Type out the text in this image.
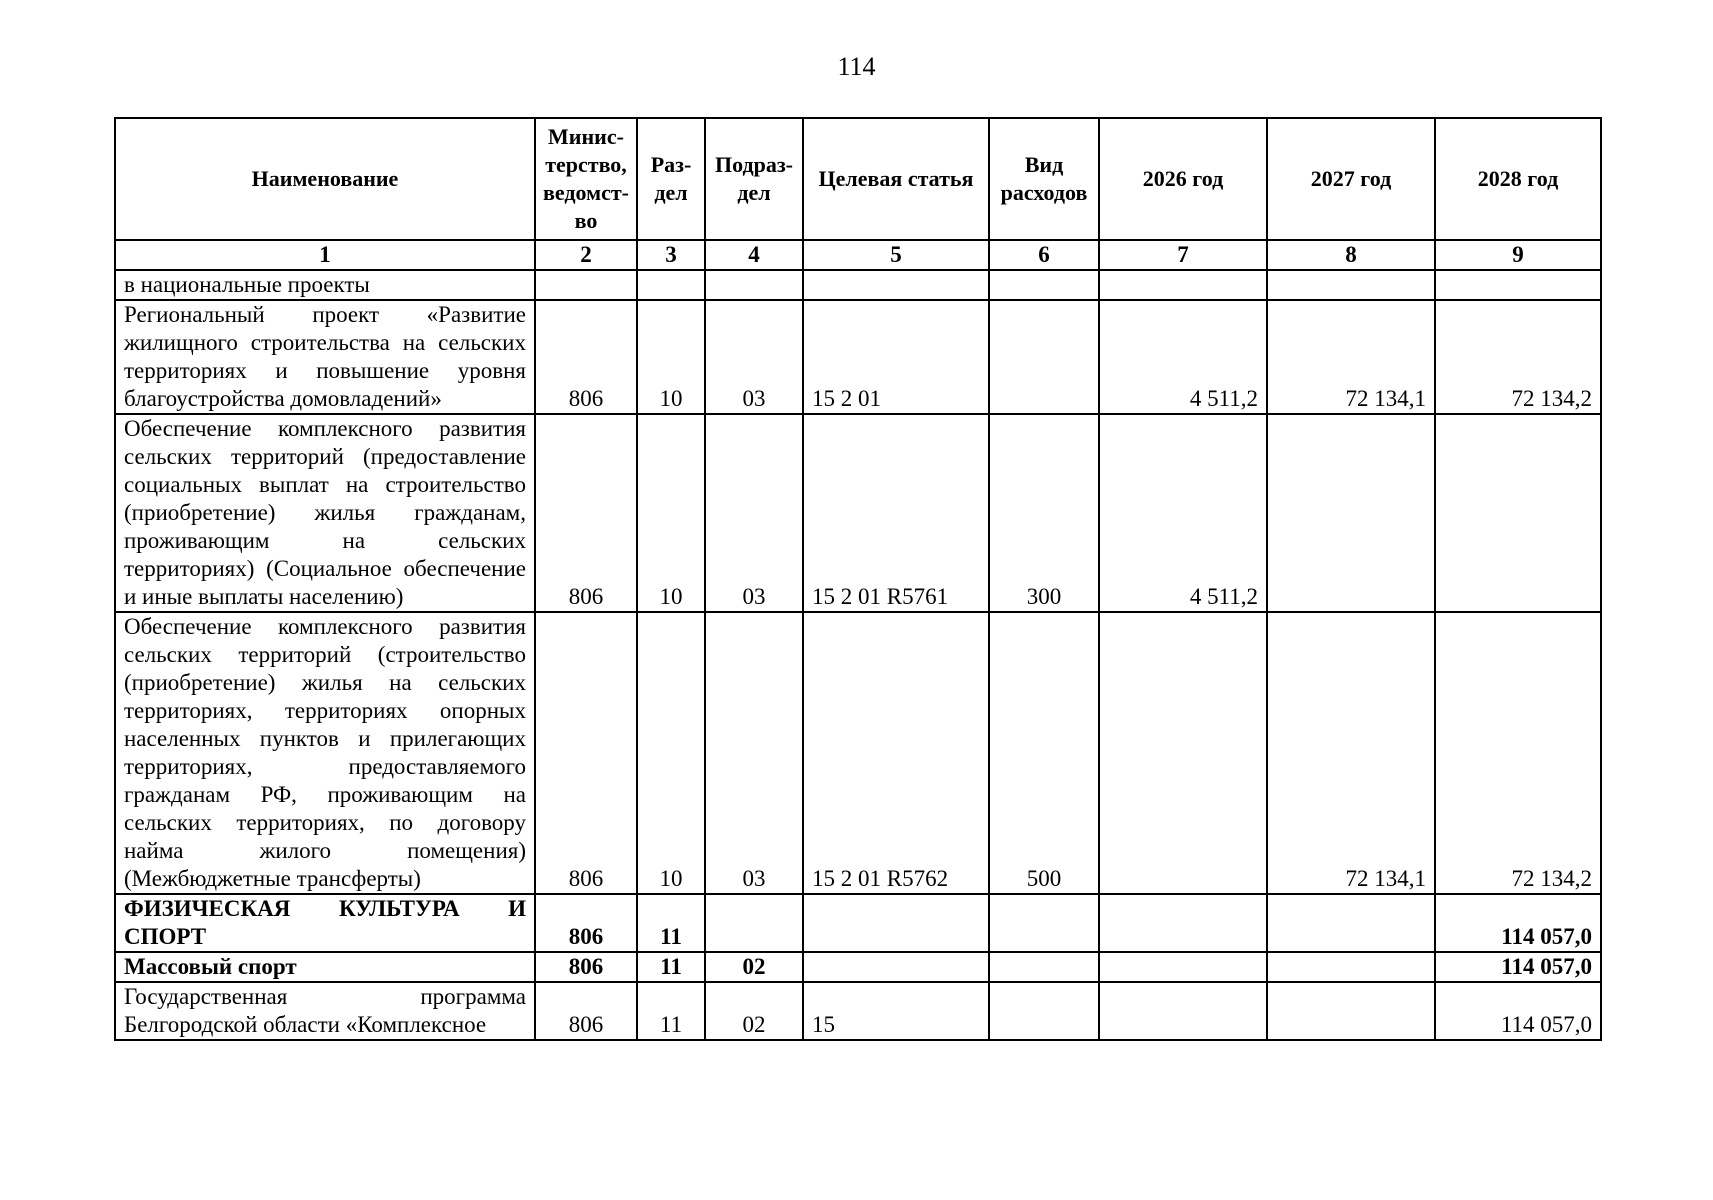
114
Наименование	Минис-терство, ведомст-во	Раз-дел	Подраз-дел	Целевая статья	Вид расходов	2026 год	2027 год	2028 год
1	2	3	4	5	6	7	8	9
в национальные проекты								
Региональный проект «Развитие жилищного строительства на сельских территориях и повышение уровня благоустройства домовладений»	806	10	03	15 2 01		4 511,2	72 134,1	72 134,2
Обеспечение комплексного развития сельских территорий (предоставление социальных выплат на строительство (приобретение) жилья гражданам, проживающим на сельских территориях) (Социальное обеспечение и иные выплаты населению)	806	10	03	15 2 01 R5761	300	4 511,2		
Обеспечение комплексного развития сельских территорий (строительство (приобретение) жилья на сельских территориях, территориях опорных населенных пунктов и прилегающих территориях, предоставляемого гражданам РФ, проживающим на сельских территориях, по договору найма жилого помещения) (Межбюджетные трансферты)	806	10	03	15 2 01 R5762	500		72 134,1	72 134,2
ФИЗИЧЕСКАЯ КУЛЬТУРА И СПОРТ	806	11						114 057,0
Массовый спорт	806	11	02					114 057,0
Государственная программа Белгородской области «Комплексное	806	11	02	15				114 057,0
